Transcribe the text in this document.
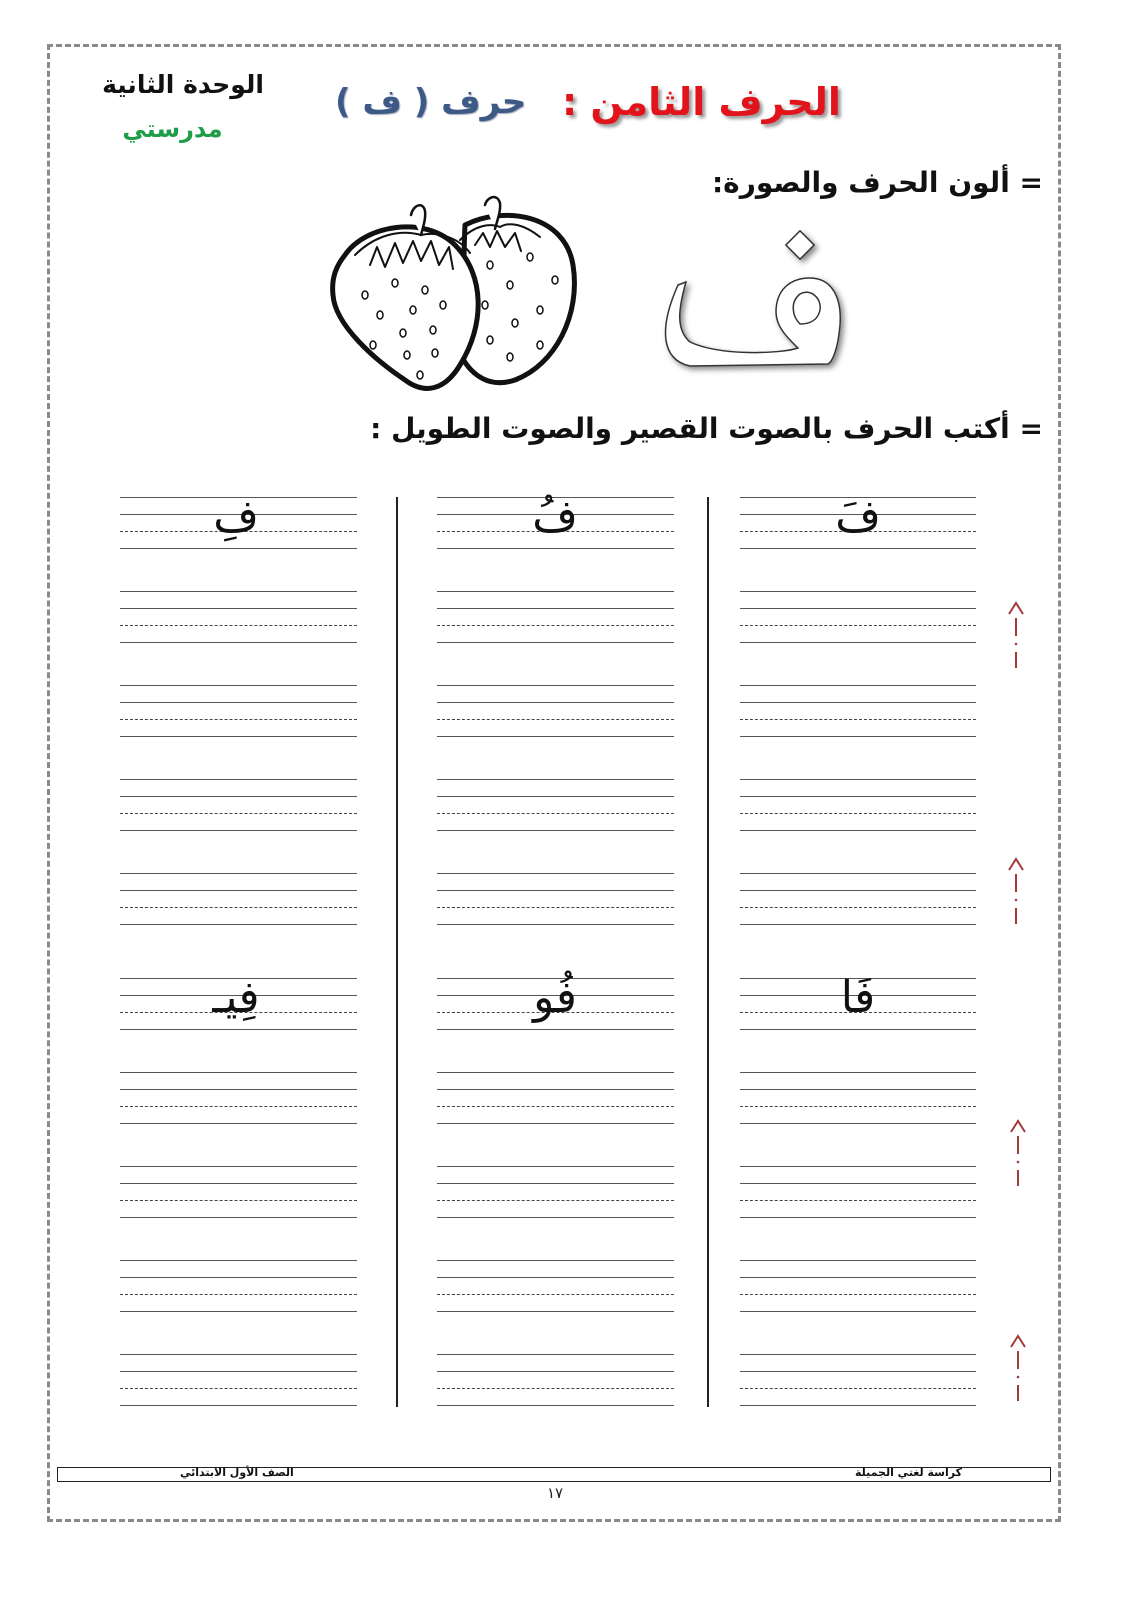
الوحدة الثانية
مدرستي
الحرف الثامن :
حرف ( ف )
= ألون الحرف والصورة:
= أكتب الحرف بالصوت القصير والصوت الطويل :
فَ
فُ
فِ
فَا
فُو
فِيـ
الصف الأول الابتدائي	كراسة لغتي الجميلة
١٧
